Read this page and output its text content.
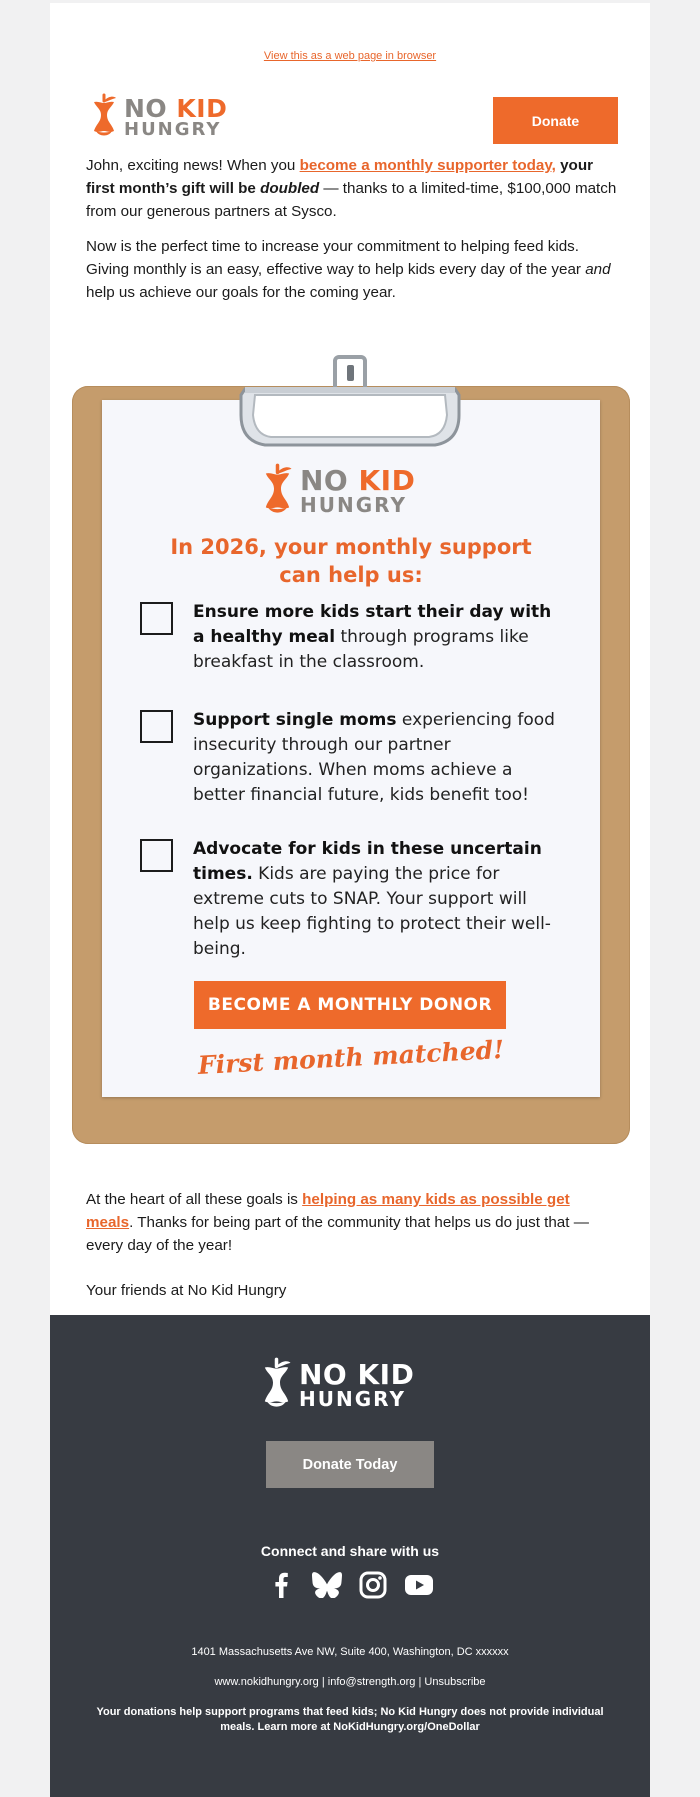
View this as a web page in browser
NO KID
HUNGRY	Donate

John, exciting news! When you become a monthly supporter today, your first month’s gift will be doubled — thanks to a limited-time, $100,000 match from our generous partners at Sysco.

Now is the perfect time to increase your commitment to helping feed kids. Giving monthly is an easy, effective way to help kids every day of the year and help us achieve our goals for the coming year.

NO KID
HUNGRY
In 2026, your monthly support
can help us:
Ensure more kids start their day with a healthy meal through programs like breakfast in the classroom.
Support single moms experiencing food insecurity through our partner organizations. When moms achieve a better financial future, kids benefit too!
Advocate for kids in these uncertain times. Kids are paying the price for extreme cuts to SNAP. Your support will help us keep fighting to protect their well-being.
BECOME A MONTHLY DONOR
First month matched!

At the heart of all these goals is helping as many kids as possible get meals. Thanks for being part of the community that helps us do just that — every day of the year!

Your friends at No Kid Hungry

NO KID
HUNGRY
Donate Today
Connect and share with us
1401 Massachusetts Ave NW, Suite 400, Washington, DC xxxxxx
www.nokidhungry.org | info@strength.org | Unsubscribe
Your donations help support programs that feed kids; No Kid Hungry does not provide individual meals. Learn more at NoKidHungry.org/OneDollar
